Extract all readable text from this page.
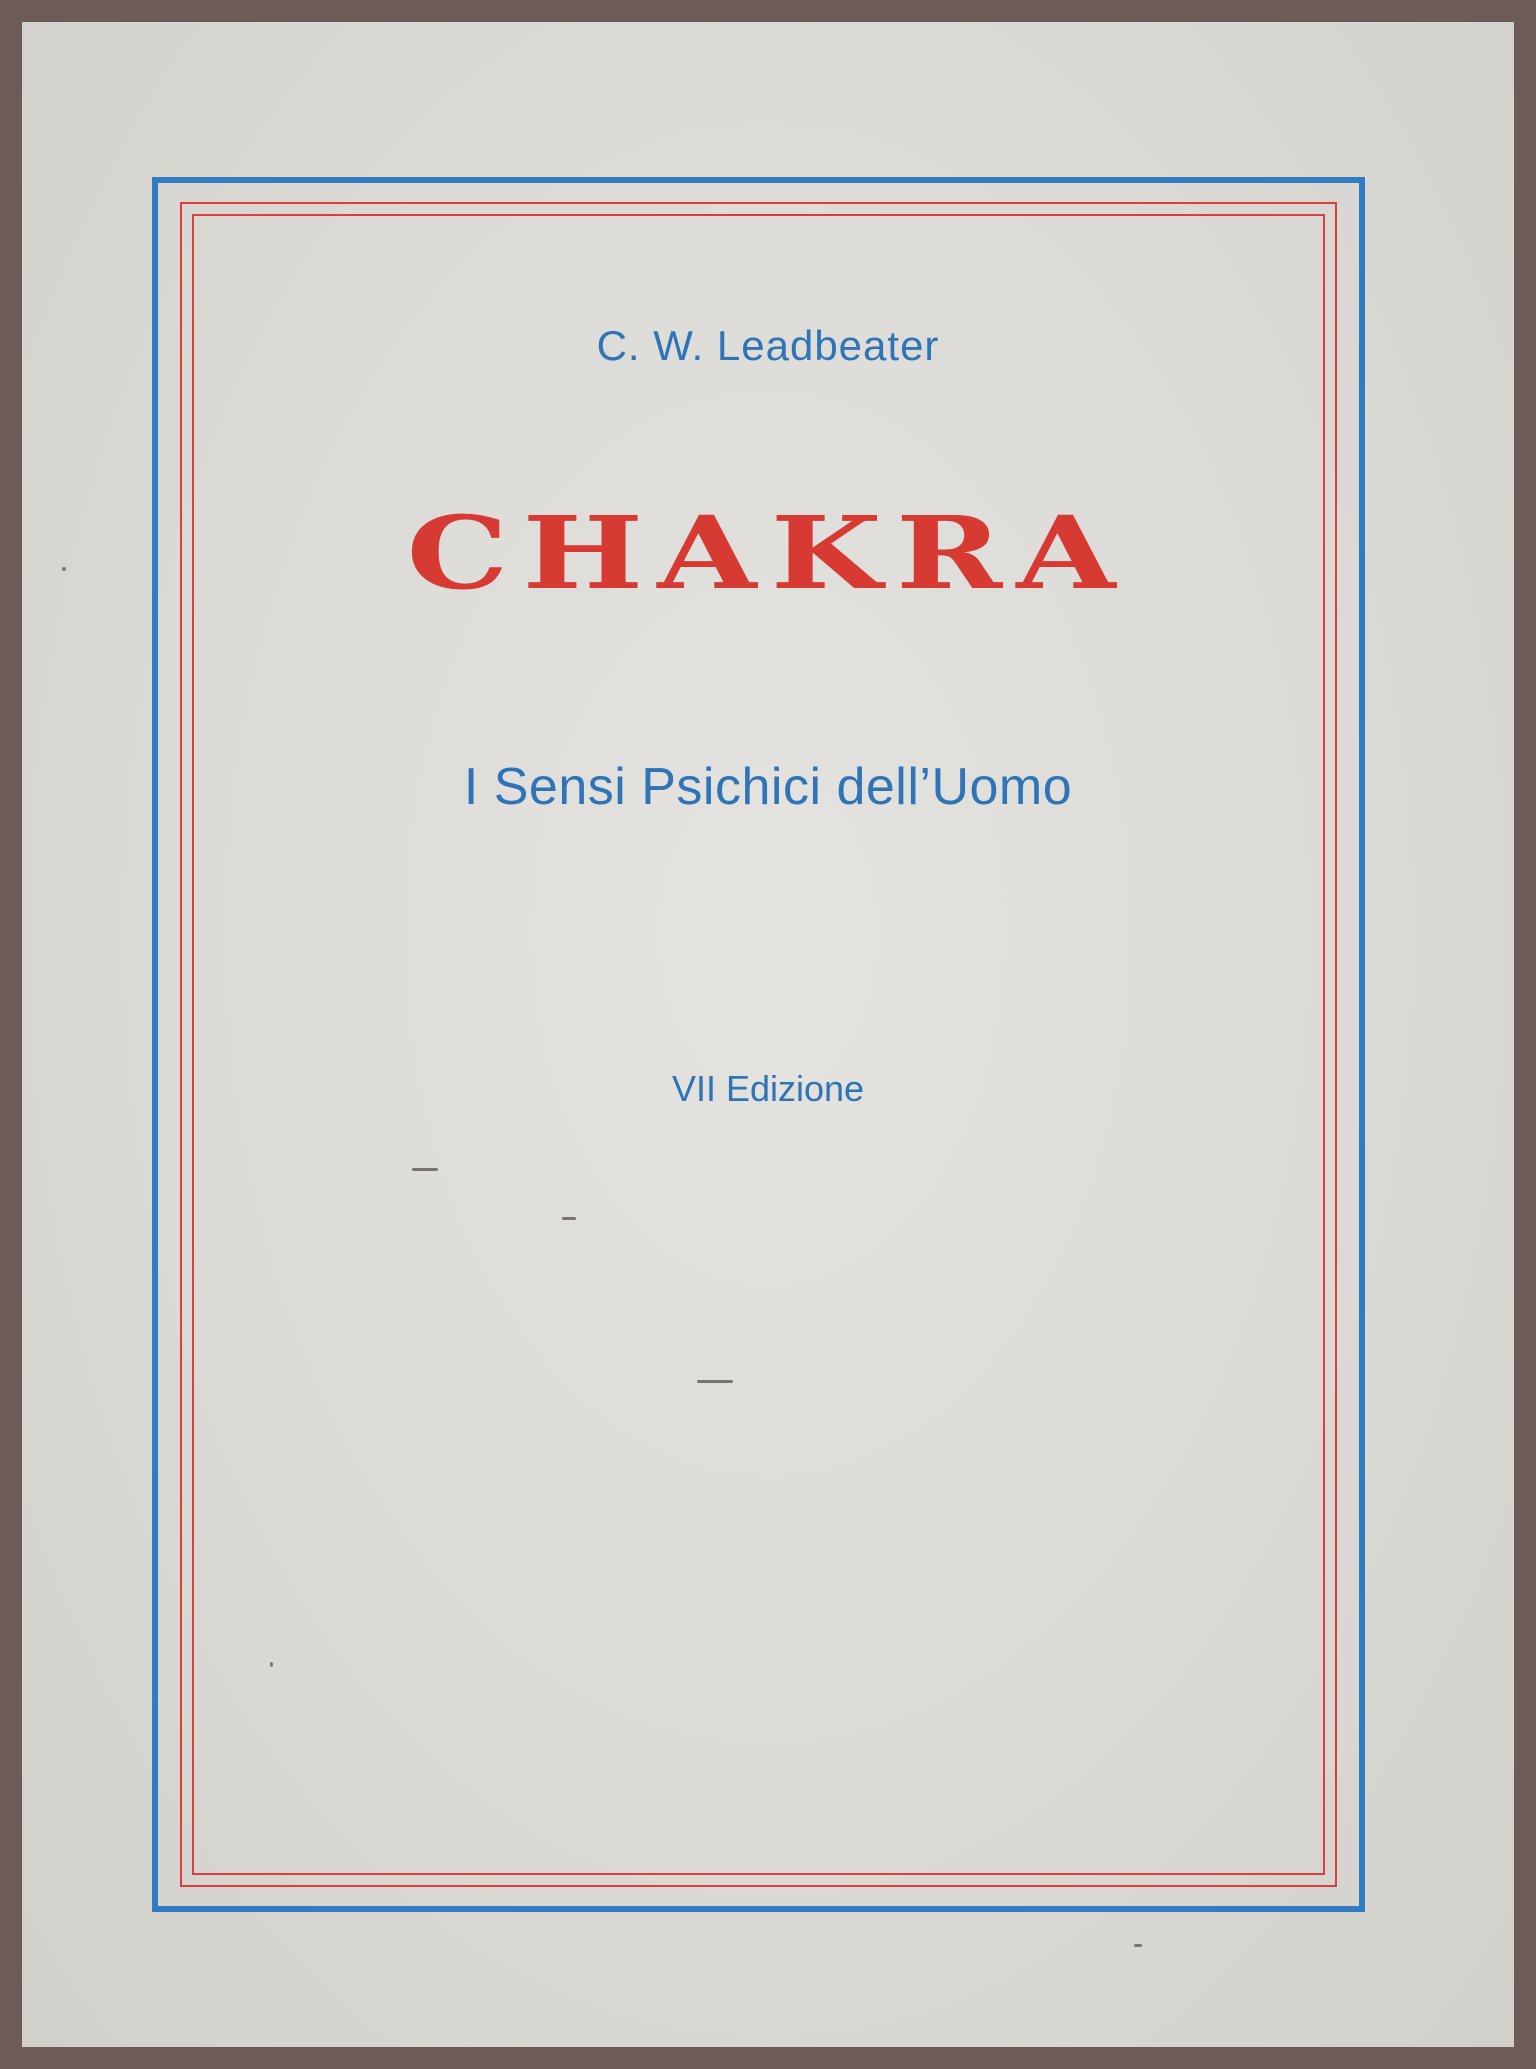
C. W. Leadbeater
CHAKRA
I Sensi Psichici dell’Uomo
VII Edizione
